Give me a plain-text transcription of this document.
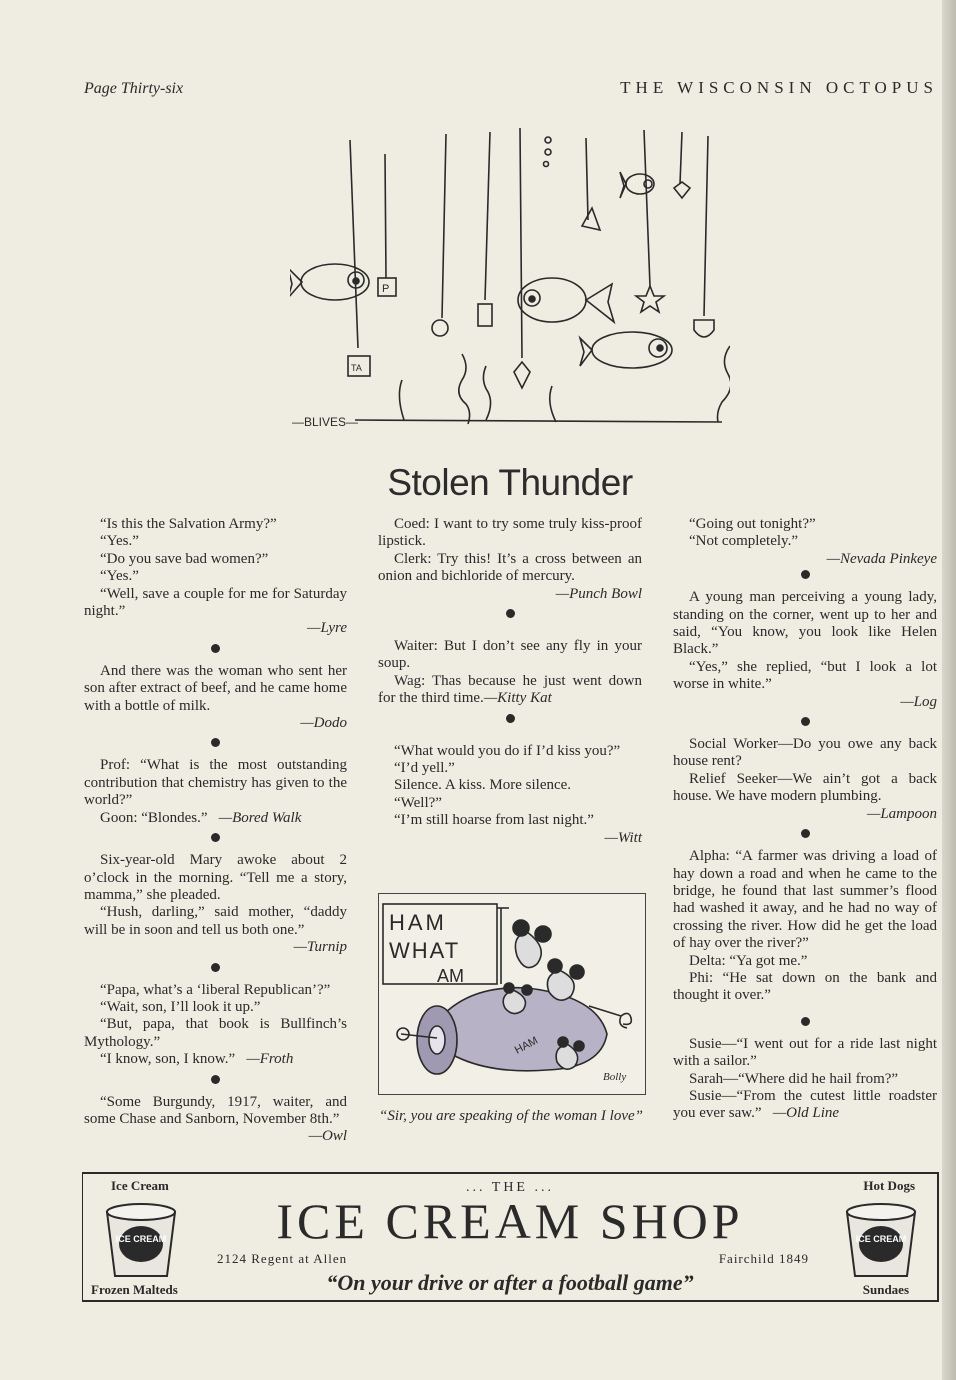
Page Thirty-six	THE WISCONSIN OCTOPUS
—BLIVES—
P
TA
Stolen Thunder

“Is this the Salvation Army?”

“Yes.”

“Do you save bad women?”

“Yes.”

“Well, save a couple for me for Saturday night.”

—Lyre

And there was the woman who sent her son after extract of beef, and he came home with a bottle of milk.

—Dodo

Prof: “What is the most outstanding contribution that chemistry has given to the world?”

Goon: “Blondes.” —Bored Walk

Six-year-old Mary awoke about 2 o’clock in the morning. “Tell me a story, mamma,” she pleaded.

“Hush, darling,” said mother, “daddy will be in soon and tell us both one.”

—Turnip

“Papa, what’s a ‘liberal Republican’?”

“Wait, son, I’ll look it up.”

“But, papa, that book is Bullfinch’s Mythology.”

“I know, son, I know.” —Froth

“Some Burgundy, 1917, waiter, and some Chase and Sanborn, November 8th.”

—Owl

Coed: I want to try some truly kiss-proof lipstick.

Clerk: Try this! It’s a cross between an onion and bichloride of mercury.

—Punch Bowl

Waiter: But I don’t see any fly in your soup.

Wag: Thas because he just went down for the third time.—Kitty Kat

“What would you do if I’d kiss you?”

“I’d yell.”

Silence. A kiss. More silence.

“Well?”

“I’m still hoarse from last night.”

—Witt

HAM
WHAT
AM
HAM
Bolly
“Sir, you are speaking of the woman I love”

“Going out tonight?”

“Not completely.”

—Nevada Pinkeye

A young man perceiving a young lady, standing on the corner, went up to her and said, “You know, you look like Helen Black.”

“Yes,” she replied, “but I look a lot worse in white.”

—Log

Social Worker—Do you owe any back house rent?

Relief Seeker—We ain’t got a back house. We have modern plumbing.

—Lampoon

Alpha: “A farmer was driving a load of hay down a road and when he came to the bridge, he found that last summer’s flood had washed it away, and he had no way of crossing the river. How did he get the load of hay over the river?”

Delta: “Ya got me.”

Phi: “He sat down on the bank and thought it over.”

Susie—“I went out for a ride last night with a sailor.”

Sarah—“Where did he hail from?”

Susie—“From the cutest little roadster you ever saw.” —Old Line

Ice Cream
Frozen Malteds
Hot Dogs
Sundaes
ICE CREAM	ICE CREAM
... THE ...
ICE CREAM SHOP
2124 Regent at Allen	Fairchild 1849
“On your drive or after a football game”
